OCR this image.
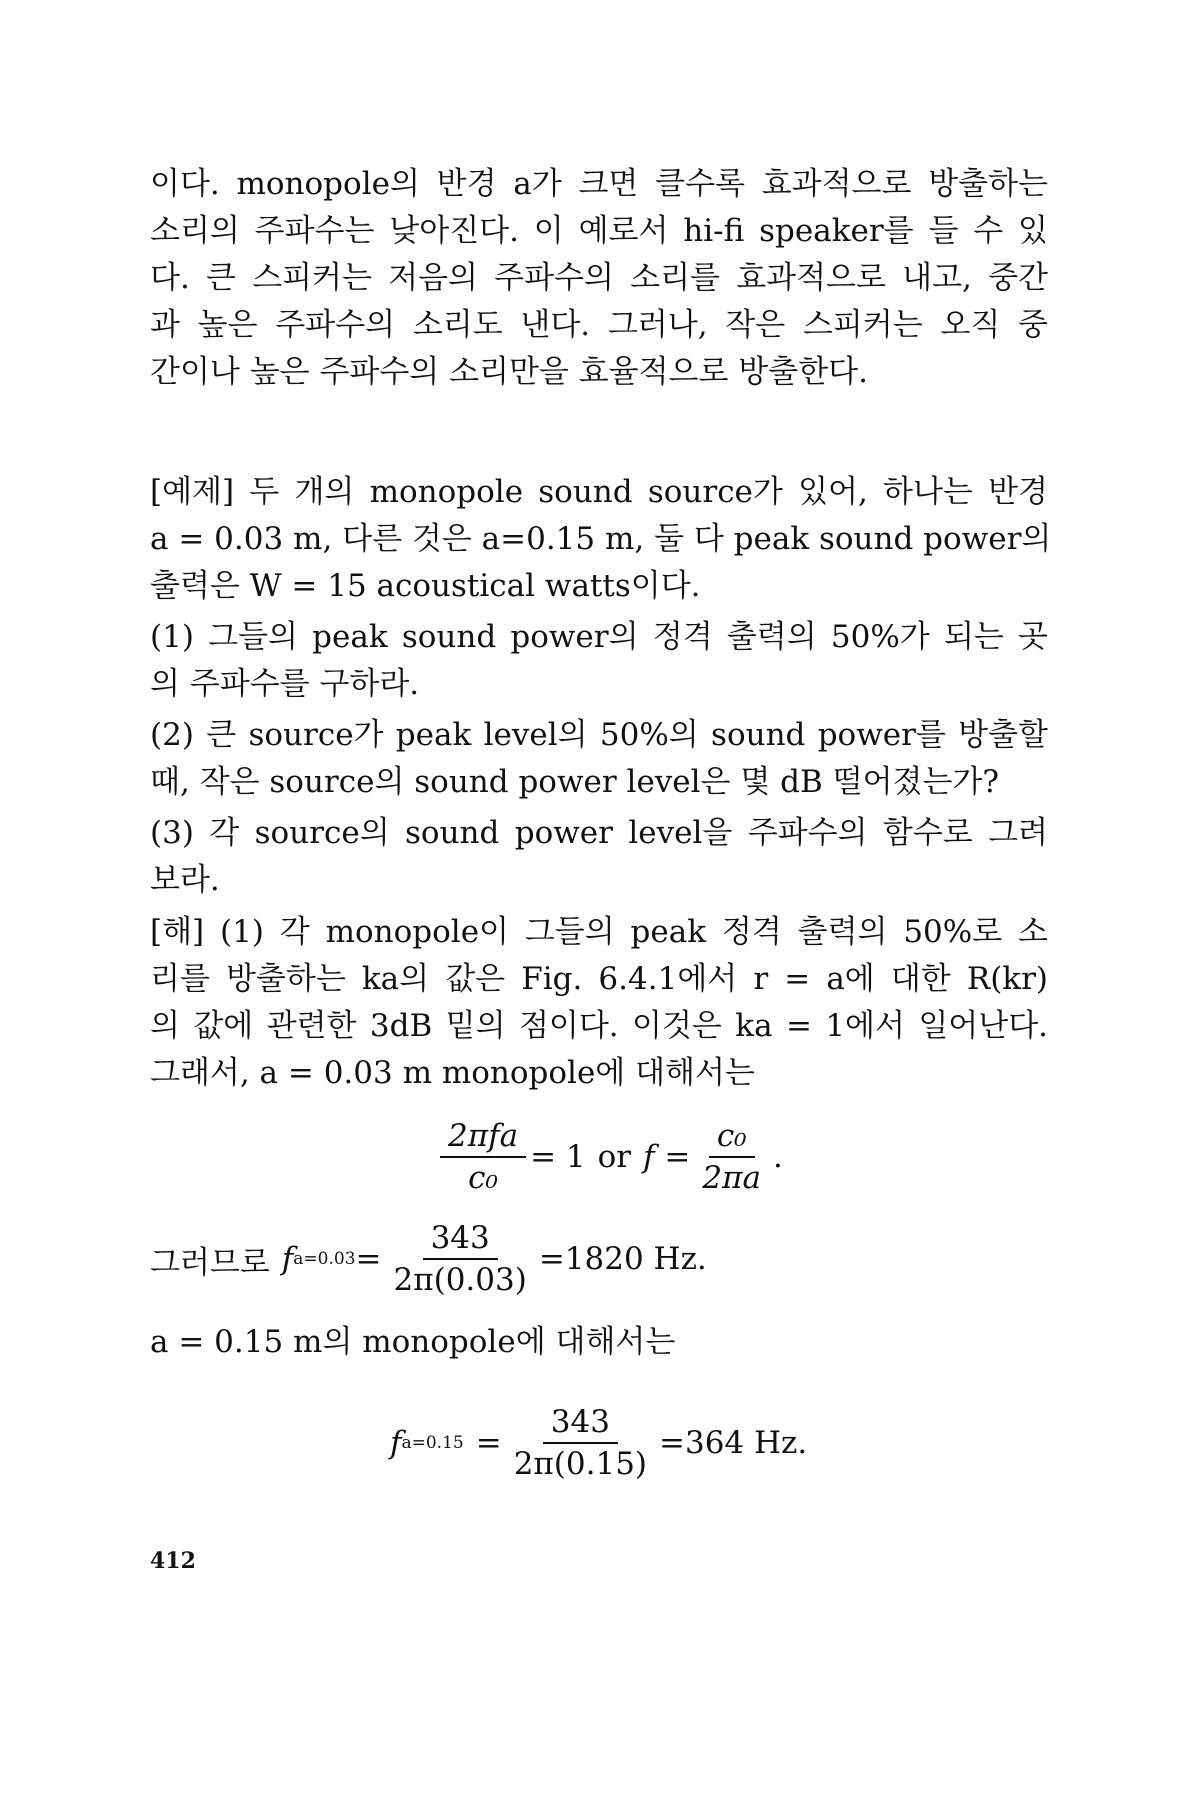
이다. monopole의 반경 a가 크면 클수록 효과적으로 방출하는
소리의 주파수는 낮아진다. 이 예로서 hi-fi speaker를 들 수 있
다. 큰 스피커는 저음의 주파수의 소리를 효과적으로 내고, 중간
과 높은 주파수의 소리도 낸다. 그러나, 작은 스피커는 오직 중
간이나 높은 주파수의 소리만을 효율적으로 방출한다.
[예제] 두 개의 monopole sound source가 있어, 하나는 반경
a = 0.03 m, 다른 것은 a=0.15 m, 둘 다 peak sound power의
출력은 W = 15 acoustical watts이다.
(1) 그들의 peak sound power의 정격 출력의 50%가 되는 곳
의 주파수를 구하라.
(2) 큰 source가 peak level의 50%의 sound power를 방출할
때, 작은 source의 sound power level은 몇 dB 떨어졌는가?
(3) 각 source의 sound power level을 주파수의 함수로 그려
보라.
[해] (1) 각 monopole이 그들의 peak 정격 출력의 50%로 소
리를 방출하는 ka의 값은 Fig. 6.4.1에서 r = a에 대한 R(kr)
의 값에 관련한 3dB 밑의 점이다. 이것은 ka = 1에서 일어난다.
그래서, a = 0.03 m monopole에 대해서는
$\frac{\text{2πfa}}{\text{c₀}} = 1$ or $f = \frac{\text{c₀}}{2\pi a}$ .
그러므로 f $a=0.03 = \frac{343}{2\pi(0.03)} =1820$ Hz.
a = 0.15 m의 monopole에 대해서는
f $a=0.15 = \frac{343}{2\pi(0.15)} =364$ Hz.
412
